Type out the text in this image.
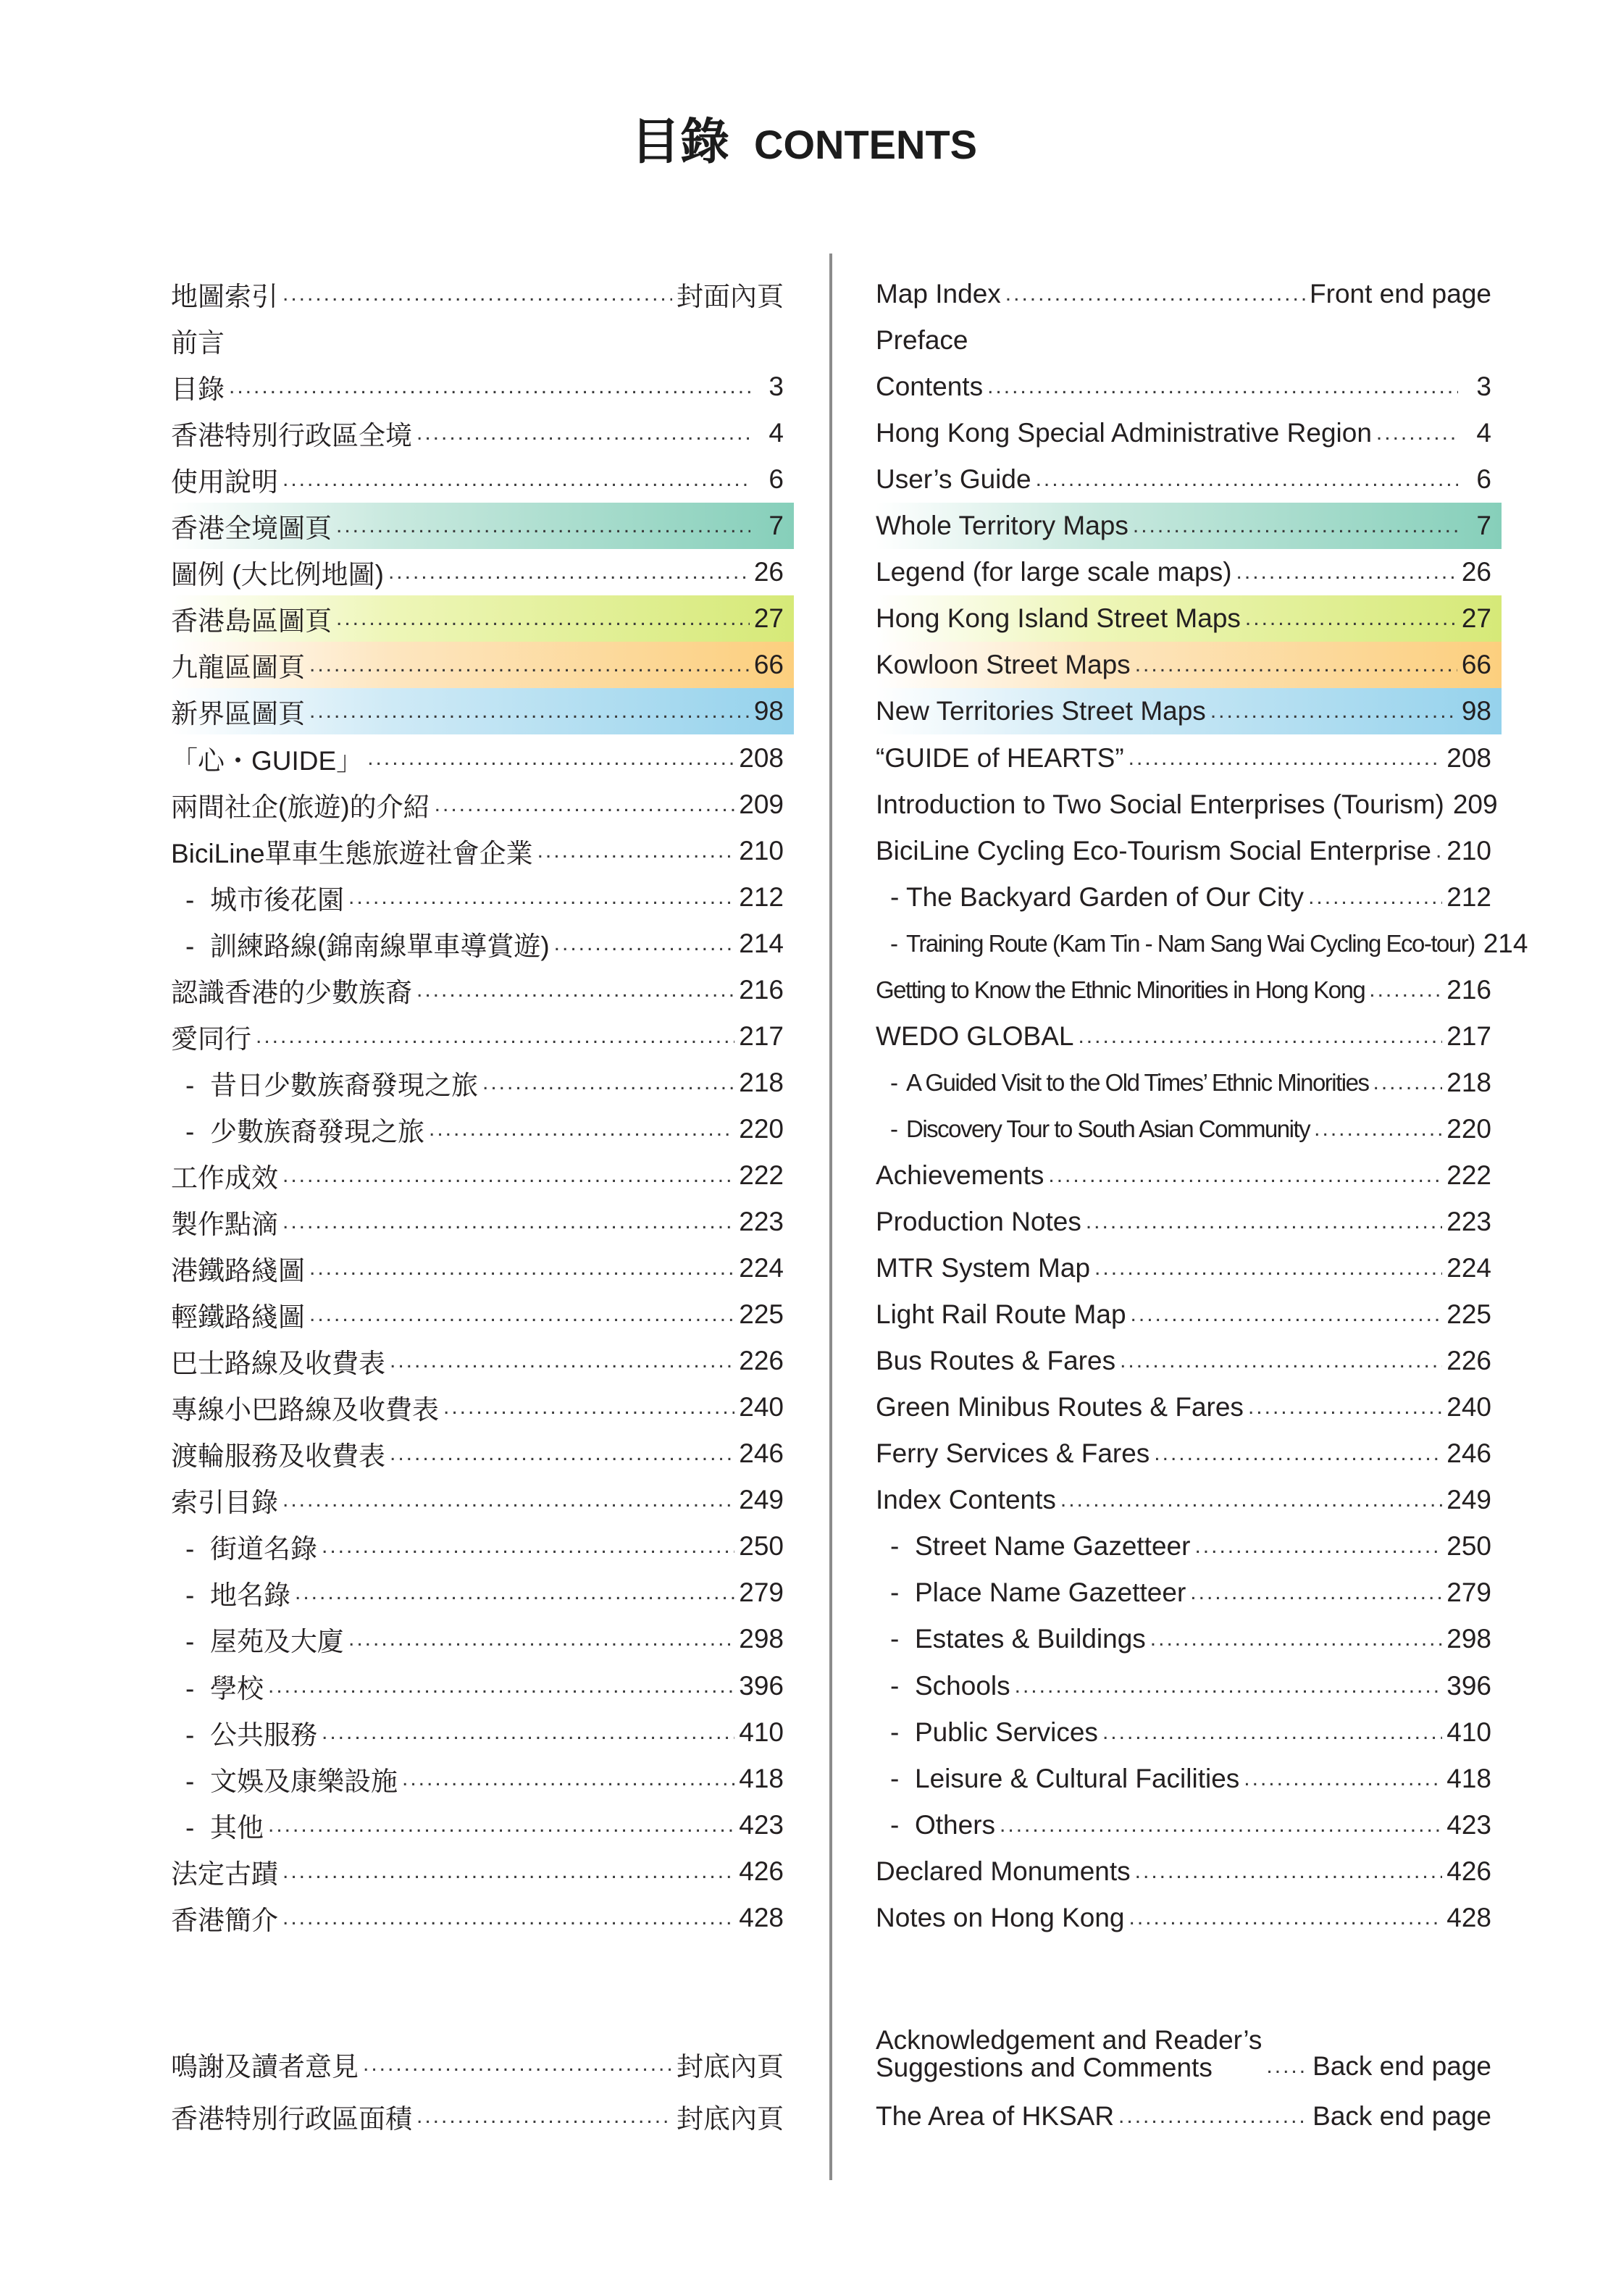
目錄 CONTENTS
地圖索引 .....	封面內頁
前言
目錄 .....	3
香港特別行政區全境 .....	4
使用說明 .....	6
香港全境圖頁 .....	7
圖例 (大比例地圖) .....	26
香港島區圖頁 .....	27
九龍區圖頁 .....	66
新界區圖頁 .....	98
「心・GUIDE」 .....	208
兩間社企(旅遊)的介紹 .....	209
BiciLine單車生態旅遊社會企業 .....	210
- 城市後花園 .....	212
- 訓練路線(錦南線單車導賞遊) .....	214
認識香港的少數族裔 .....	216
愛同行 .....	217
- 昔日少數族裔發現之旅 .....	218
- 少數族裔發現之旅 .....	220
工作成效 .....	222
製作點滴 .....	223
港鐵路綫圖 .....	224
輕鐵路綫圖 .....	225
巴士路線及收費表 .....	226
專線小巴路線及收費表 .....	240
渡輪服務及收費表 .....	246
索引目錄 .....	249
- 街道名錄 .....	250
- 地名錄 .....	279
- 屋苑及大廈 .....	298
- 學校 .....	396
- 公共服務 .....	410
- 文娛及康樂設施 .....	418
- 其他 .....	423
法定古蹟 .....	426
香港簡介 .....	428
鳴謝及讀者意見 .....	封底內頁
香港特別行政區面積 .....	封底內頁
Map Index .....	Front end page
Preface
Contents .....	3
Hong Kong Special Administrative Region .....	4
User’s Guide .....	6
Whole Territory Maps .....	7
Legend (for large scale maps) .....	26
Hong Kong Island Street Maps .....	27
Kowloon Street Maps .....	66
New Territories Street Maps .....	98
“GUIDE of HEARTS” .....	208
Introduction to Two Social Enterprises (Tourism) 209
BiciLine Cycling Eco-Tourism Social Enterprise ..... 210
- The Backyard Garden of Our City .....	212
- Training Route (Kam Tin - Nam Sang Wai Cycling Eco-tour) 214
Getting to Know the Ethnic Minorities in Hong Kong .....	216
WEDO GLOBAL .....	217
- A Guided Visit to the Old Times’ Ethnic Minorities .....	218
- Discovery Tour to South Asian Community .....	220
Achievements .....	222
Production Notes .....	223
MTR System Map .....	224
Light Rail Route Map .....	225
Bus Routes & Fares .....	226
Green Minibus Routes & Fares .....	240
Ferry Services & Fares .....	246
Index Contents .....	249
- Street Name Gazetteer .....	250
- Place Name Gazetteer .....	279
- Estates & Buildings .....	298
- Schools .....	396
- Public Services .....	410
- Leisure & Cultural Facilities .....	418
- Others .....	423
Declared Monuments .....	426
Notes on Hong Kong .....	428
Acknowledgement and Reader’s
Suggestions and Comments .....	Back end page
The Area of HKSAR .....	Back end page
